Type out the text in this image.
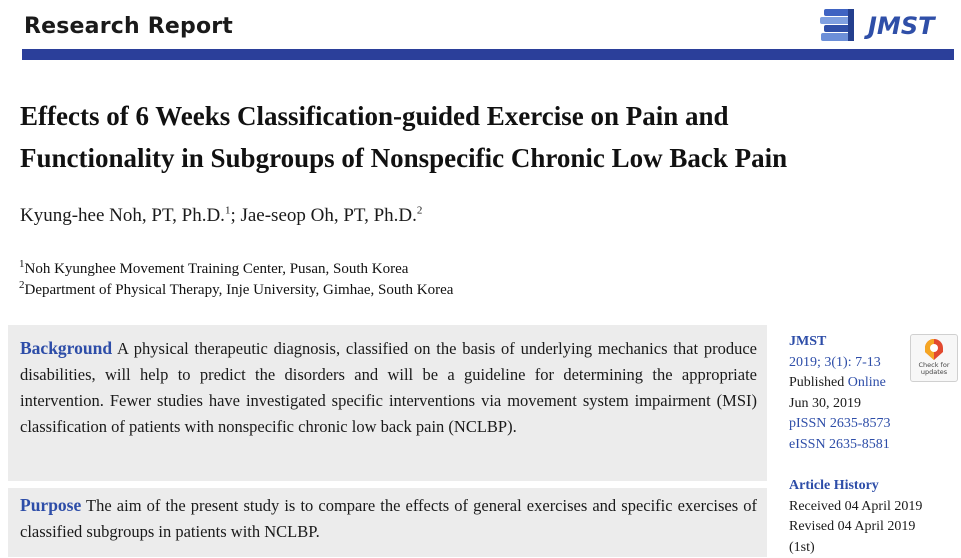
Research Report	JMST
Effects of 6 Weeks Classification-guided Exercise on Pain and
Functionality in Subgroups of Nonspecific Chronic Low Back Pain
Kyung-hee Noh, PT, Ph.D.$^1$; Jae-seop Oh, PT, Ph.D.$^2$
$^1$Noh Kyunghee Movement Training Center, Pusan, South Korea
$^2$Department of Physical Therapy, Inje University, Gimhae, South Korea
Background A physical therapeutic diagnosis, classified on the basis of underlying mechanics that produce disabilities, will help to predict the disorders and will be a guideline for determining the appropriate intervention. Fewer studies have investigated specific interventions via movement system impairment (MSI) classification of patients with nonspecific chronic low back pain (NCLBP).
Purpose The aim of the present study is to compare the effects of general exercises and specific exercises of classified subgroups in patients with NCLBP.
JMST
2019; 3(1): 7-13
Published Online
Jun 30, 2019
pISSN 2635-8573
eISSN 2635-8581
Article History
Received 04 April 2019
Revised 04 April 2019
(1st)
Check for
updates
